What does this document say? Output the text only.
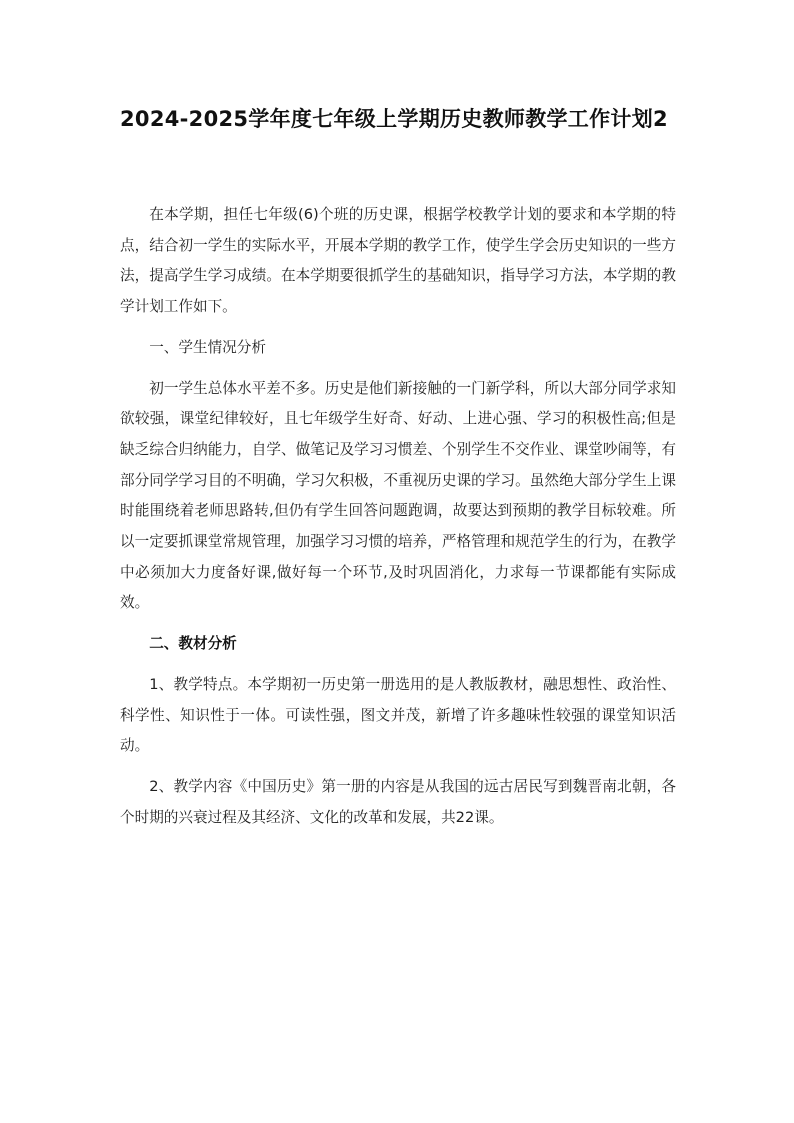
2024-2025学年度七年级上学期历史教师教学工作计划2

在本学期，担任七年级(6)个班的历史课，根据学校教学计划的要求和本学期的特点，结合初一学生的实际水平，开展本学期的教学工作，使学生学会历史知识的一些方法，提高学生学习成绩。在本学期要很抓学生的基础知识，指导学习方法，本学期的教学计划工作如下。

一、学生情况分析

初一学生总体水平差不多。历史是他们新接触的一门新学科，所以大部分同学求知欲较强，课堂纪律较好，且七年级学生好奇、好动、上进心强、学习的积极性高;但是缺乏综合归纳能力，自学、做笔记及学习习惯差、个别学生不交作业、课堂吵闹等，有部分同学学习目的不明确，学习欠积极，不重视历史课的学习。虽然绝大部分学生上课时能围绕着老师思路转,但仍有学生回答问题跑调，故要达到预期的教学目标较难。所以一定要抓课堂常规管理，加强学习习惯的培养，严格管理和规范学生的行为，在教学中必须加大力度备好课,做好每一个环节,及时巩固消化，力求每一节课都能有实际成效。

二、教材分析

1、教学特点。本学期初一历史第一册选用的是人教版教材，融思想性、政治性、科学性、知识性于一体。可读性强，图文并茂，新增了许多趣味性较强的课堂知识活动。

2、教学内容《中国历史》第一册的内容是从我国的远古居民写到魏晋南北朝，各个时期的兴衰过程及其经济、文化的改革和发展，共22课。
